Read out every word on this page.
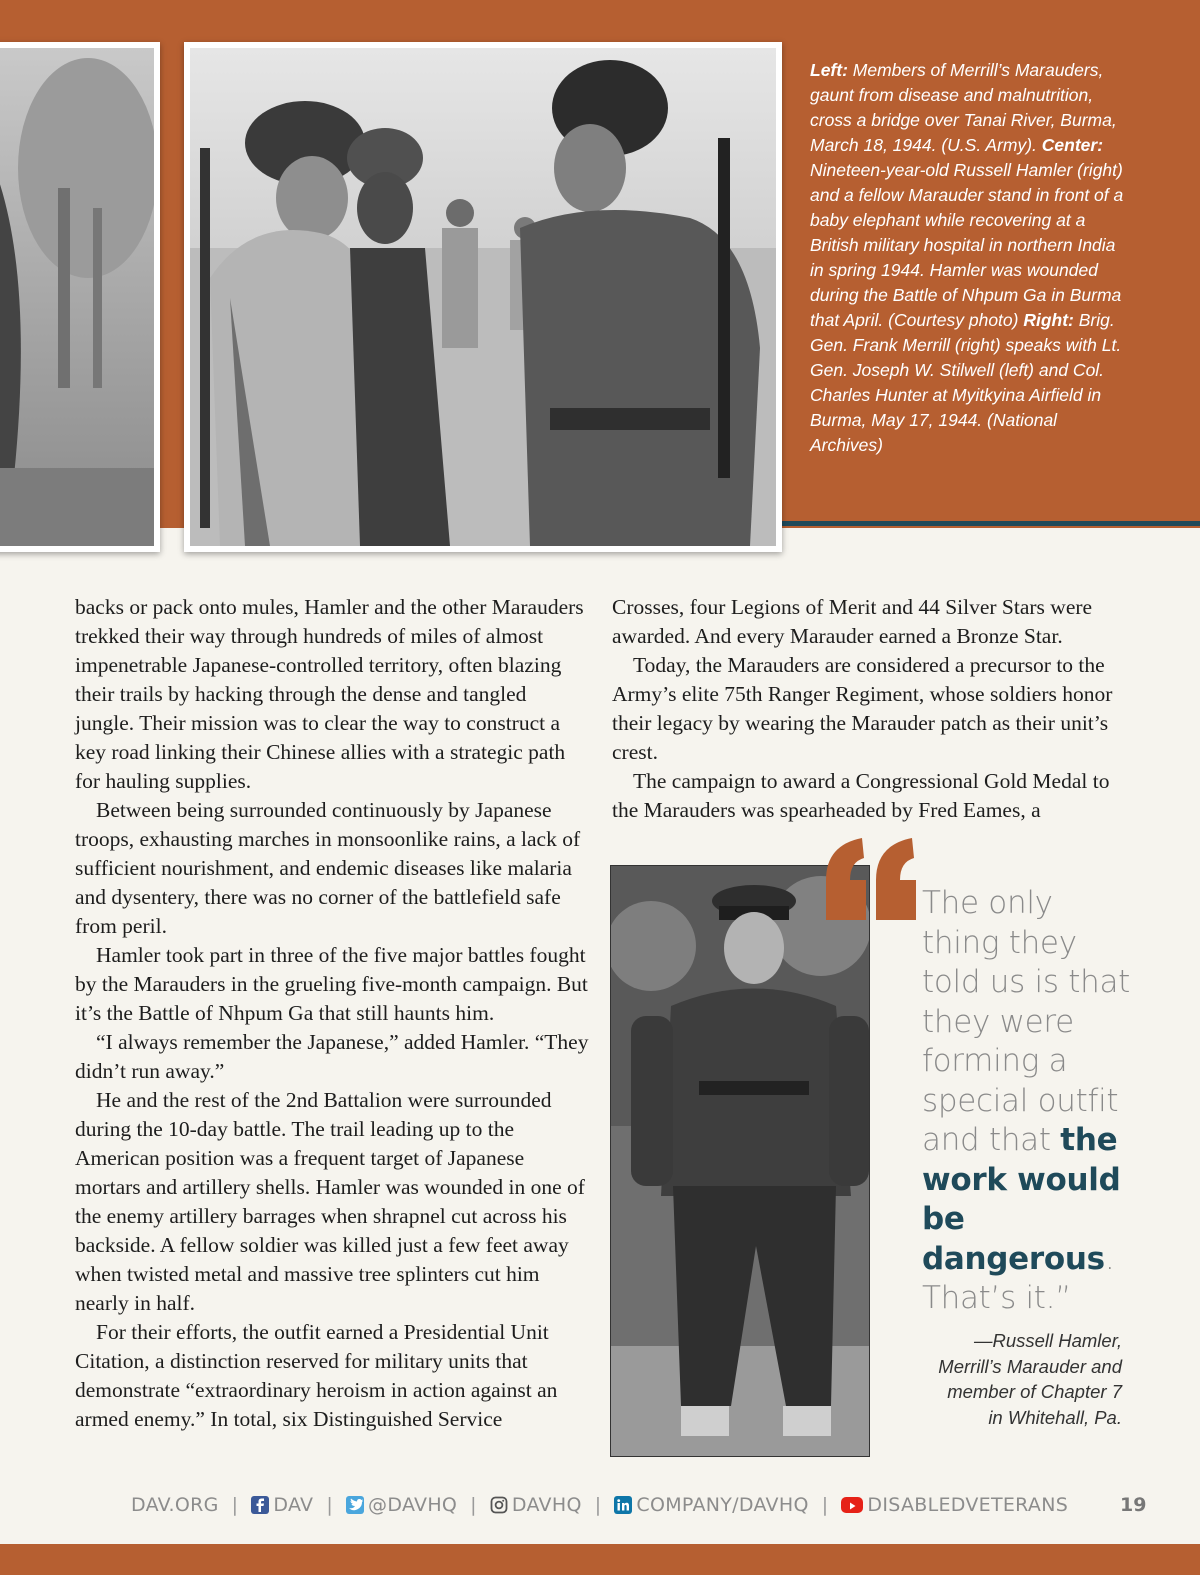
Left: Members of Merrill’s Marauders, gaunt from disease and malnutrition, cross a bridge over Tanai River, Burma, March 18, 1944. (U.S. Army). Center: Nineteen-year-old Russell Hamler (right) and a fellow Marauder stand in front of a baby elephant while recovering at a British military hospital in northern India in spring 1944. Hamler was wounded during the Battle of Nhpum Ga in Burma that April. (Courtesy photo) Right: Brig. Gen. Frank Merrill (right) speaks with Lt. Gen. Joseph W. Stilwell (left) and Col. Charles Hunter at Myitkyina Airfield in Burma, May 17, 1944. (National Archives)

backs or pack onto mules, Hamler and the other Marauders trekked their way through hundreds of miles of almost impenetrable Japanese-controlled territory, often blazing their trails by hacking through the dense and tangled jungle. Their mission was to clear the way to construct a key road linking their Chinese allies with a strategic path for hauling supplies.

Between being surrounded continuously by Japanese troops, exhausting marches in monsoonlike rains, a lack of sufficient nourishment, and endemic diseases like malaria and dysentery, there was no corner of the battlefield safe from peril.

Hamler took part in three of the five major battles fought by the Marauders in the grueling five-month campaign. But it’s the Battle of Nhpum Ga that still haunts him.

“I always remember the Japanese,” added Hamler. “They didn’t run away.”

He and the rest of the 2nd Battalion were surrounded during the 10-day battle. The trail leading up to the American position was a frequent target of Japanese mortars and artillery shells. Hamler was wounded in one of the enemy artillery barrages when shrapnel cut across his backside. A fellow soldier was killed just a few feet away when twisted metal and massive tree splinters cut him nearly in half.

For their efforts, the outfit earned a Presidential Unit Citation, a distinction reserved for military units that demonstrate “extraordinary heroism in action against an armed enemy.” In total, six Distinguished Service

Crosses, four Legions of Merit and 44 Silver Stars were awarded. And every Marauder earned a Bronze Star.

Today, the Marauders are considered a precursor to the Army’s elite 75th Ranger Regiment, whose soldiers honor their legacy by wearing the Marauder patch as their unit’s crest.

The campaign to award a Congressional Gold Medal to the Marauders was spearheaded by Fred Eames, a

The only thing they told us is that they were forming a special outfit and that the work would be dangerous. That’s it.”
—Russell Hamler,
Merrill’s Marauder and
member of Chapter 7
in Whitehall, Pa.
DAV.ORG | DAV | @DAVHQ | DAVHQ | COMPANY/DAVHQ | DISABLEDVETERANS	19
